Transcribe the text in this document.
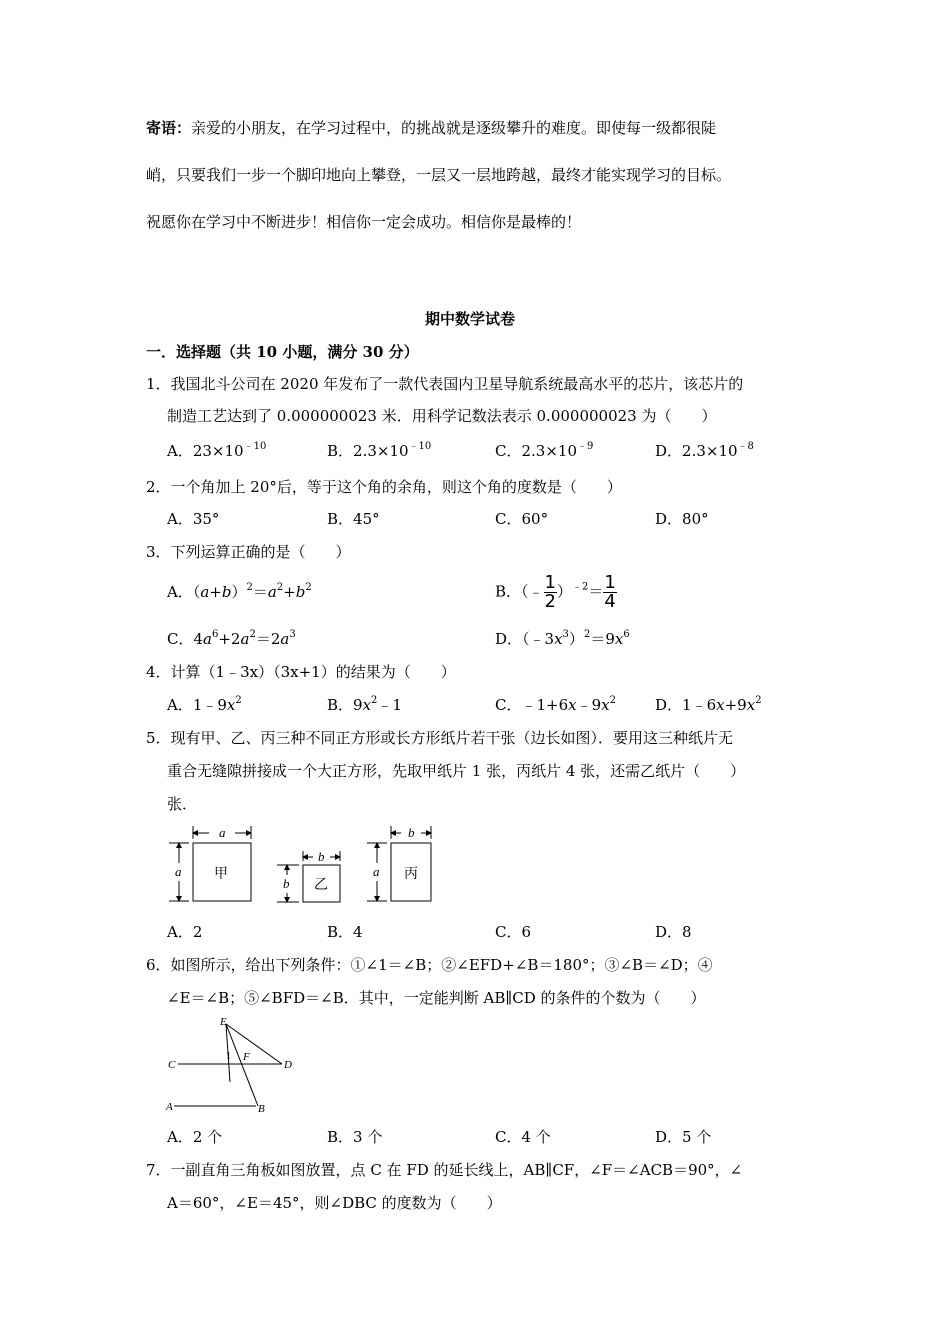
寄语：亲爱的小朋友，在学习过程中，的挑战就是逐级攀升的难度。即使每一级都很陡
峭，只要我们一步一个脚印地向上攀登，一层又一层地跨越，最终才能实现学习的目标。
祝愿你在学习中不断进步！相信你一定会成功。相信你是最棒的！
期中数学试卷
一．选择题（共 10 小题，满分 30 分）
1．我国北斗公司在 2020 年发布了一款代表国内卫星导航系统最高水平的芯片，该芯片的
制造工艺达到了 0.000000023 米．用科学记数法表示 0.000000023 为（　　）
A．$23\times 10^{﹣10}$	B．$2.3\times 10^{﹣10}$	C．$2.3\times 10^{﹣9}$	D．$2.3\times 10^{﹣8}$
2．一个角加上 20°后，等于这个角的余角，则这个角的度数是（　　）
A．35°	B．45°	C．60°	D．80°
3．下列运算正确的是（　　）
A．$(a+b)^2=a^2+b^2$	B．（﹣ $\frac{1}{2} )^{﹣2}= \frac{1}{4}$
C．$4a^6+2a^2=2a^3$	D．$(﹣3x^3)^2=9x^6$
4．计算（1﹣3x）（3x+1）的结果为（　　）
A．$1﹣9x^2$	B．$9x^2﹣1$	C．$﹣1+6x﹣9x^2$	D．$1﹣6x+9x^2$
5．现有甲、乙、丙三种不同正方形或长方形纸片若干张（边长如图）．要用这三种纸片无
重合无缝隙拼接成一个大正方形，先取甲纸片 1 张，丙纸片 4 张，还需乙纸片（　　）
张．
甲
乙
丙
a
a
b
b
b
a
A．2	B．4	C．6	D．8
6．如图所示，给出下列条件：①∠1＝∠B；②∠EFD+∠B＝180°；③∠B＝∠D；④
∠E＝∠B；⑤∠BFD＝∠B．其中，一定能判断 AB∥CD 的条件的个数为（　　）
E
C
1 F
D
A	B
A．2 个	B．3 个	C．4 个	D．5 个
7．一副直角三角板如图放置，点 C 在 FD 的延长线上，AB∥CF，∠F＝∠ACB＝90°，∠
A＝60°，∠E＝45°，则∠DBC 的度数为（　　）
